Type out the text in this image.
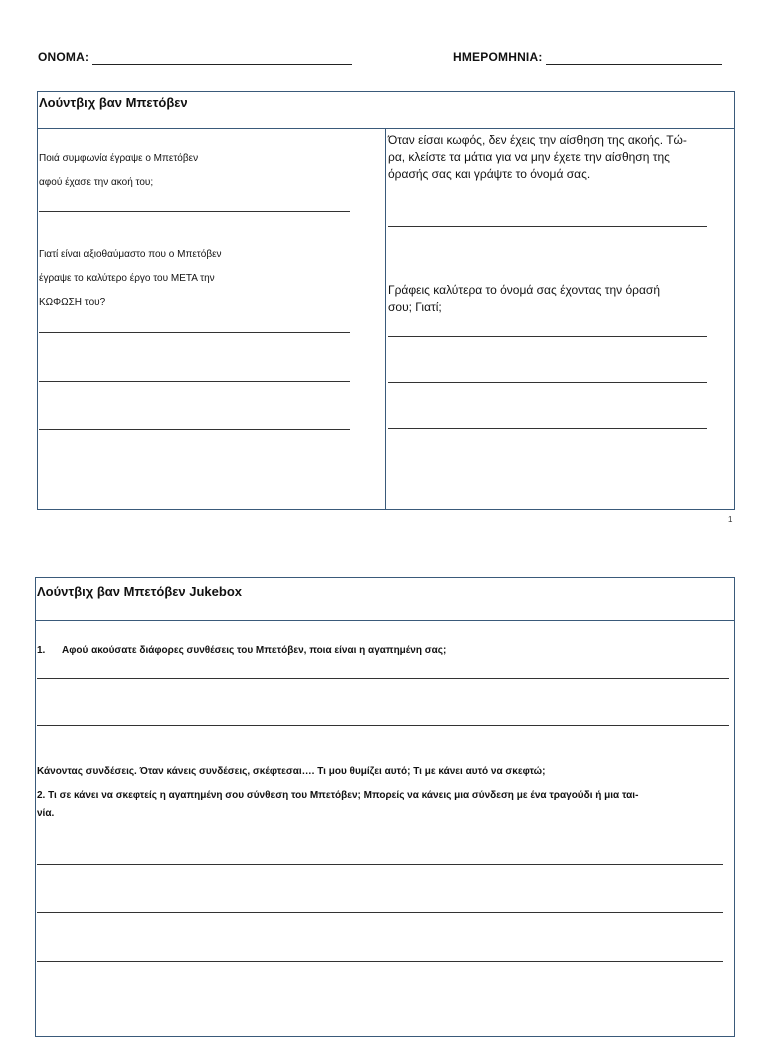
ΟΝΟΜΑ:	ΗΜΕΡΟΜΗΝΙΑ:
Λούντβιχ βαν Μπετόβεν
Ποιά συμφωνία έγραψε ο Μπετόβεν
αφού έχασε την ακοή του;
Γιατί είναι αξιοθαύμαστο που ο Μπετόβεν
έγραψε το καλύτερο έργο του ΜΕΤΑ την
ΚΩΦΩΣΗ του?
Όταν είσαι κωφός, δεν έχεις την αίσθηση της ακοής. Τώ-
ρα, κλείστε τα μάτια για να μην έχετε την αίσθηση της
όρασής σας και γράψτε το όνομά σας.
Γράφεις καλύτερα το όνομά σας έχοντας την όρασή
σου; Γιατί;
1
Λούντβιχ βαν Μπετόβεν Jukebox
1. Αφού ακούσατε διάφορες συνθέσεις του Μπετόβεν, ποια είναι η αγαπημένη σας;
Κάνοντας συνδέσεις. Όταν κάνεις συνδέσεις, σκέφτεσαι…. Τι μου θυμίζει αυτό; Τι με κάνει αυτό να σκεφτώ;
2. Τι σε κάνει να σκεφτείς η αγαπημένη σου σύνθεση του Μπετόβεν; Μπορείς να κάνεις μια σύνδεση με ένα τραγούδι ή μια ται-
νία.
